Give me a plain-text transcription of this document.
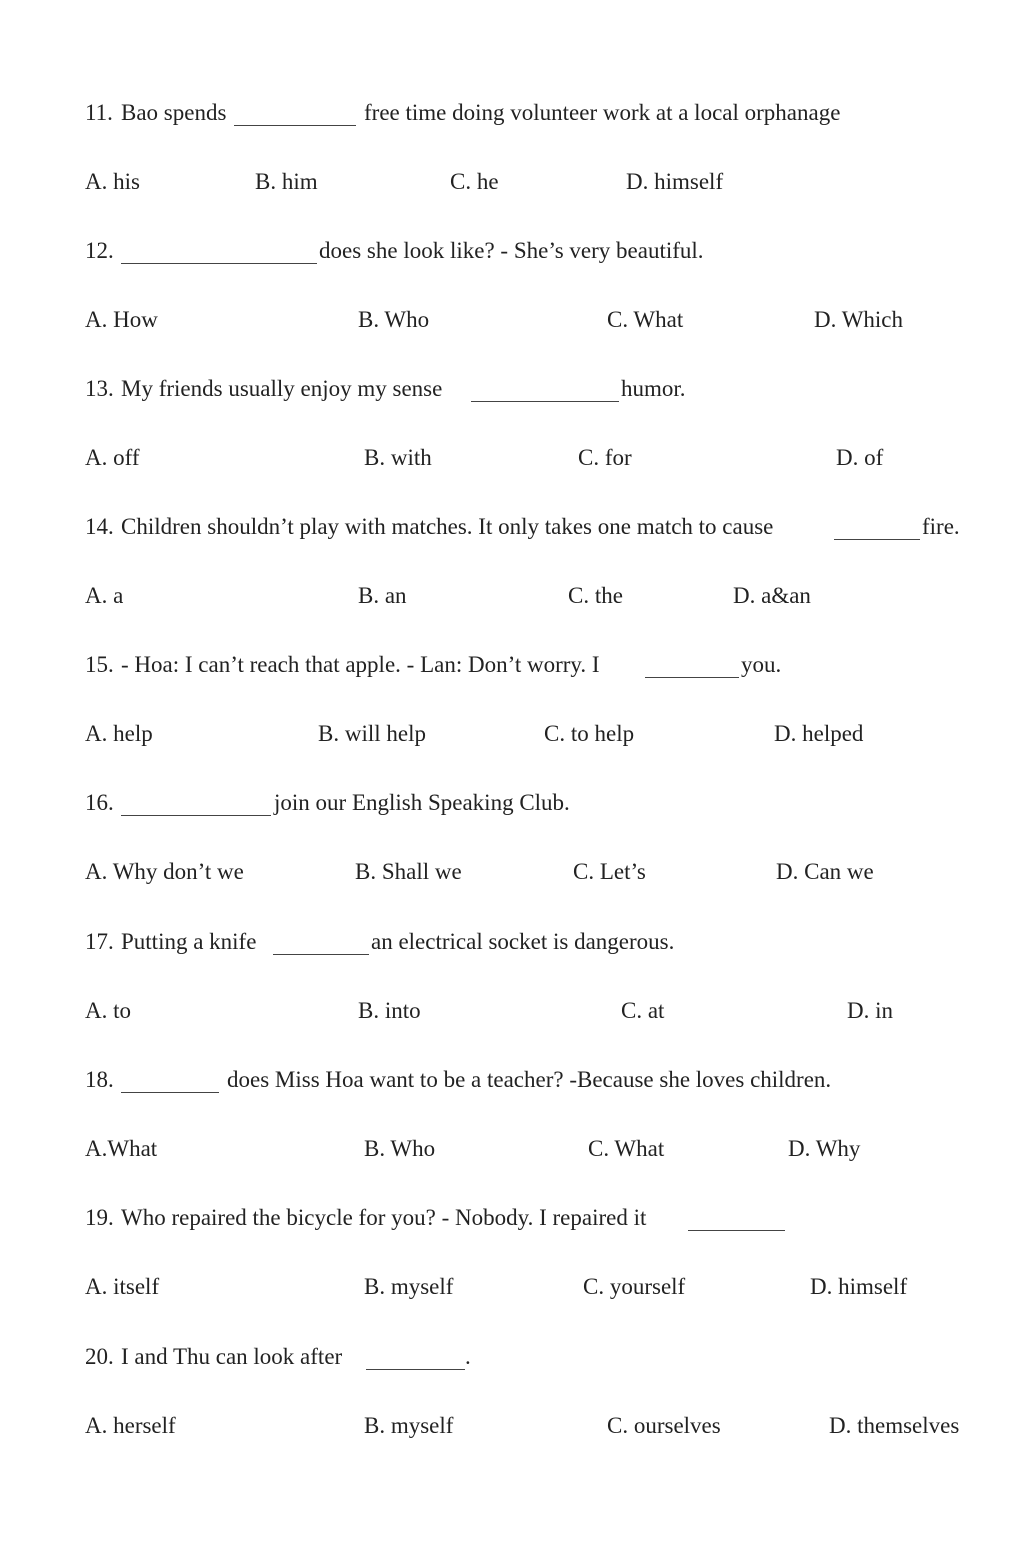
11. Bao spends	free time doing volunteer work at a local orphanage
A. his	B. him	C. he	D. himself
12.	does she look like? - She’s very beautiful.
A. How	B. Who	C. What	D. Which
13. My friends usually enjoy my sense	humor.
A. off	B. with	C. for	D. of
14. Children shouldn’t play with matches. It only takes one match to cause	fire.
A. a	B. an	C. the	D. a&an
15. - Hoa: I can’t reach that apple. - Lan: Don’t worry. I	you.
A. help	B. will help	C. to help	D. helped
16.	join our English Speaking Club.
A. Why don’t we	B. Shall we	C. Let’s	D. Can we
17. Putting a knife	an electrical socket is dangerous.
A. to	B. into	C. at	D. in
18.	does Miss Hoa want to be a teacher? -Because she loves children.
A.What	B. Who	C. What	D. Why
19. Who repaired the bicycle for you? - Nobody. I repaired it
A. itself	B. myself	C. yourself	D. himself
20. I and Thu can look after	.
A. herself	B. myself	C. ourselves	D. themselves
